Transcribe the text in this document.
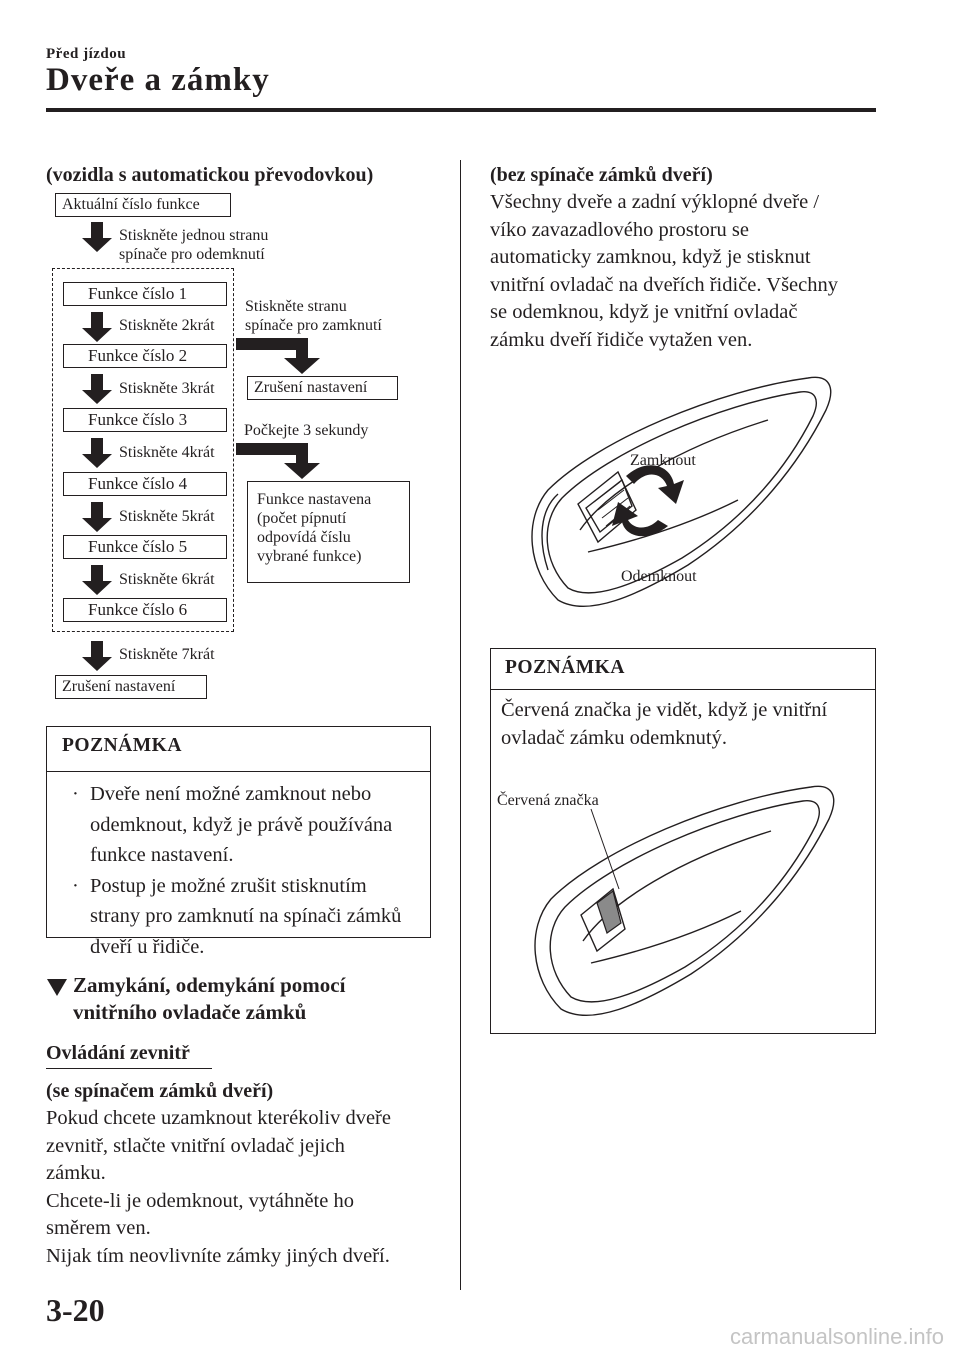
Před jízdou
Dveře a zámky
(vozidla s automatickou převodovkou)
Aktuální číslo funkce
Stiskněte jednou stranu
spínače pro odemknutí
Funkce číslo 1
Funkce číslo 2
Funkce číslo 3
Funkce číslo 4
Funkce číslo 5
Funkce číslo 6
Stiskněte 2krát
Stiskněte 3krát
Stiskněte 4krát
Stiskněte 5krát
Stiskněte 6krát
Stiskněte 7krát
Zrušení nastavení
Stiskněte stranu
spínače pro zamknutí
Zrušení nastavení
Počkejte 3 sekundy
Funkce nastavena
(počet pípnutí
odpovídá číslu
vybrané funkce)
POZNÁMKA
· Dveře není možné zamknout nebo
odemknout, když je právě používána
funkce nastavení.
· Postup je možné zrušit stisknutím
strany pro zamknutí na spínači zámků
dveří u řidiče.
Zamykání, odemykání pomocí
vnitřního ovladače zámků
Ovládání zevnitř
(se spínačem zámků dveří)
Pokud chcete uzamknout kterékoliv dveře
zevnitř, stlačte vnitřní ovladač jejich
zámku.
Chcete-li je odemknout, vytáhněte ho
směrem ven.
Nijak tím neovlivníte zámky jiných dveří.
(bez spínače zámků dveří)
Všechny dveře a zadní výklopné dveře /
víko zavazadlového prostoru se
automaticky zamknou, když je stisknut
vnitřní ovladač na dveřích řidiče. Všechny
se odemknou, když je vnitřní ovladač
zámku dveří řidiče vytažen ven.
Zamknout
Odemknout
POZNÁMKA
Červená značka je vidět, když je vnitřní
ovladač zámku odemknutý.
Červená značka
3-20
carmanualsonline.info
